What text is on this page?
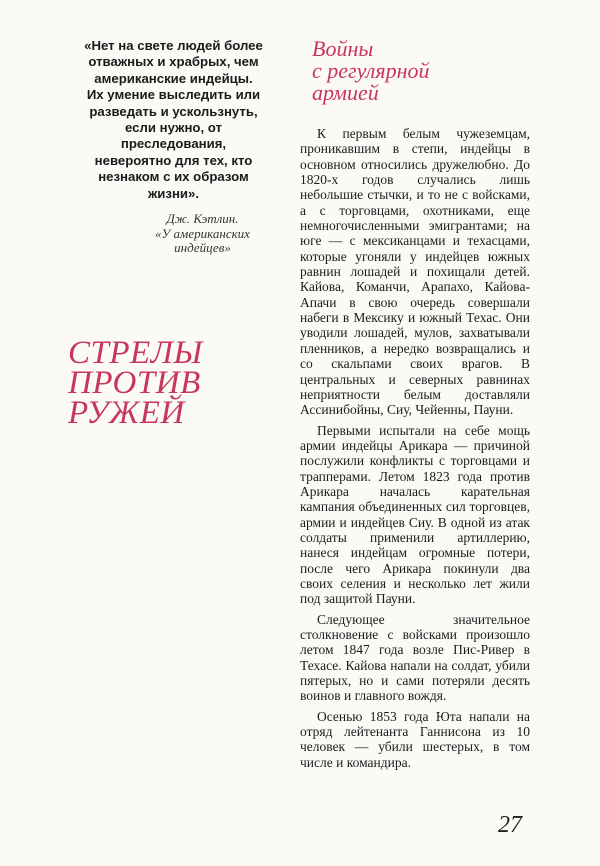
«Нет на свете людей более
отважных и храбрых, чем
американские индейцы.
Их умение выследить или
разведать и ускользнуть,
если нужно, от
преследования,
невероятно для тех, кто
незнаком с их образом
жизни».

Дж. Кэтлин.
«У американских
индейцев»
СТРЕЛЫ
ПРОТИВ
РУЖЕЙ
Войны
с регулярной
армией

К первым белым чужеземцам, проникавшим в степи, индейцы в основном относились дружелюбно. До 1820-х годов случались лишь небольшие стычки, и то не с войсками, а с торговцами, охотниками, еще немногочисленными эмигрантами; на юге — с мексиканцами и техасцами, которые угоняли у индейцев южных равнин лошадей и похищали детей. Кайова, Команчи, Арапахо, Кайова-Апачи в свою очередь совершали набеги в Мексику и южный Техас. Они уводили лошадей, мулов, захватывали пленников, а нередко возвращались и со скальпами своих врагов. В центральных и северных равнинах неприятности белым доставляли Ассинибойны, Сиу, Чейенны, Пауни.

Первыми испытали на себе мощь армии индейцы Арикара — причиной послужили конфликты с торговцами и трапперами. Летом 1823 года против Арикара началась карательная кампания объединенных сил торговцев, армии и индейцев Сиу. В одной из атак солдаты применили артиллерию, нанеся индейцам огромные потери, после чего Арикара покинули два своих селения и несколько лет жили под защитой Пауни.

Следующее значительное столкновение с войсками произошло летом 1847 года возле Пис-Ривер в Техасе. Кайова напали на солдат, убили пятерых, но и сами потеряли десять воинов и главного вождя.

Осенью 1853 года Юта напали на отряд лейтенанта Ганнисона из 10 человек — убили шестерых, в том числе и командира.

27
